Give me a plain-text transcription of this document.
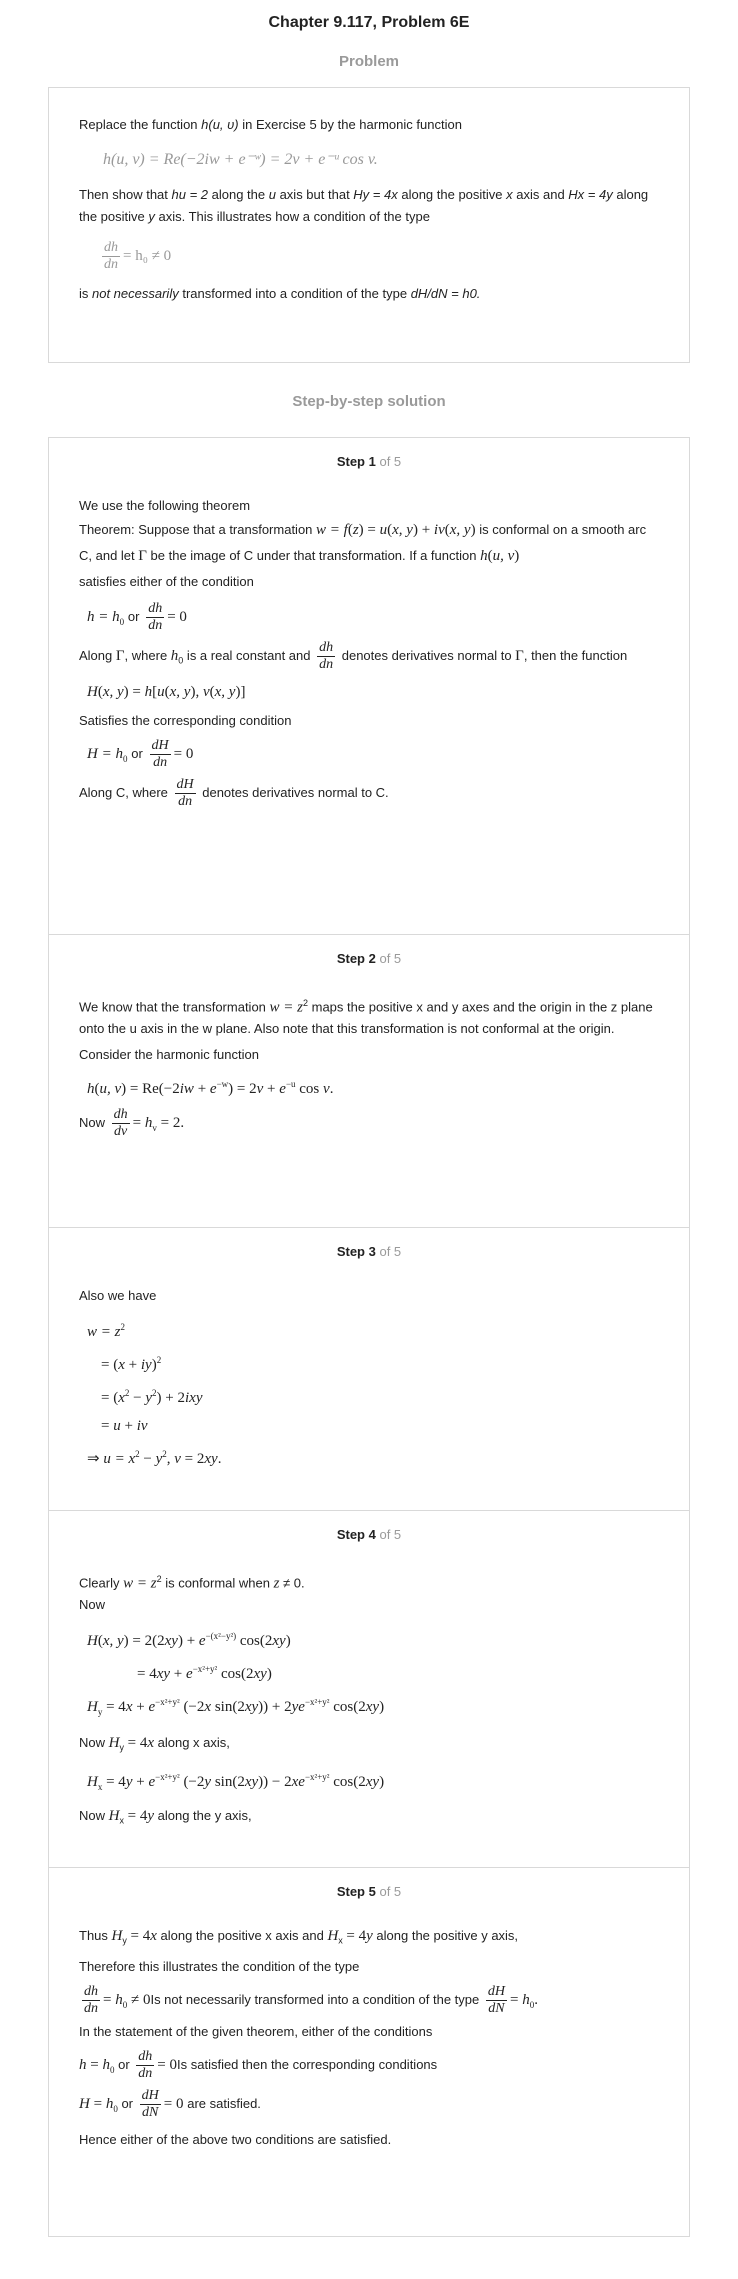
Chapter 9.117, Problem 6E
Problem

Replace the function h(u, υ) in Exercise 5 by the harmonic function

h(u, v) = Re(−2iw + e⁻ʷ) = 2v + e⁻ᵘ cos v.

Then show that hu = 2 along the u axis but that Hy = 4x along the positive x axis and Hx = 4y along the positive y axis. This illustrates how a condition of the type

$\frac{dh}{dn} = h_0 \ne 0$

is not necessarily transformed into a condition of the type dH/dN = h0.

Step-by-step solution
Step 1 of 5

We use the following theorem

Theorem: Suppose that a transformation w = f(z) = u(x, y) + iv(x, y) is conformal on a smooth arc C, and let Γ be the image of C under that transformation. If a function h(u, v)
satisfies either of the condition

$h = h_0$ or $\frac{dh}{dn} = 0$

Along Γ, where $h_0$ is a real constant and $\frac{dh}{dn}$ denotes derivatives normal to Γ, then the function

H(x, y) = h[u(x, y), v(x, y)]

Satisfies the corresponding condition

$H = h_0$ or $\frac{dH}{dn} = 0$

Along C, where $\frac{dH}{dn}$ denotes derivatives normal to C.

Step 2 of 5

We know that the transformation $w = z^2$ maps the positive x and y axes and the origin in the z plane onto the u axis in the w plane. Also note that this transformation is not conformal at the origin.

Consider the harmonic function

h(u, $v) = Re(-2iw + e^{-w}) = 2v + e^{-u}$ cos v.

Now $\frac{dh}{dv} = h_v = 2$.

Step 3 of 5

Also we have

$w = z^2$
= (x + iy)$^2$
= $(x^2 - y^2) + 2ixy$
= u + iv
⇒ $u = x^2 - y^2$, v = 2xy.
Step 4 of 5

Clearly $w = z^2$ is conformal when z ≠ 0.

Now

H(x, $y) = 2(2xy) + e^{-(x^2-y^2)}$ cos(2xy)
= $4xy + e^{-x^2+y^2}$ cos(2xy)
$H_y = 4x + e^{-x^2+y^2}$ (−2x $\sin(2xy)) + 2ye^{-x^2+y^2}$ cos(2xy)

Now $H_y = 4x$ along x axis,

$H_x = 4y + e^{-x^2+y^2}$ (−2y $\sin(2xy)) - 2xe^{-x^2+y^2}$ cos(2xy)

Now $H_x = 4y$ along the y axis,

Step 5 of 5

Thus $H_y = 4x$ along the positive x axis and $H_x = 4y$ along the positive y axis,

Therefore this illustrates the condition of the type

$\frac{dh}{dn} = h_0 \ne 0Is$ not necessarily transformed into a condition of the type $\frac{dH}{dN} = h_0$.

In the statement of the given theorem, either of the conditions

$h = h_0$ or $\frac{dh}{dn} = 0Is$ satisfied then the corresponding conditions

$H = h_0$ or $\frac{dH}{dN} = 0$ are satisfied.

Hence either of the above two conditions are satisfied.
